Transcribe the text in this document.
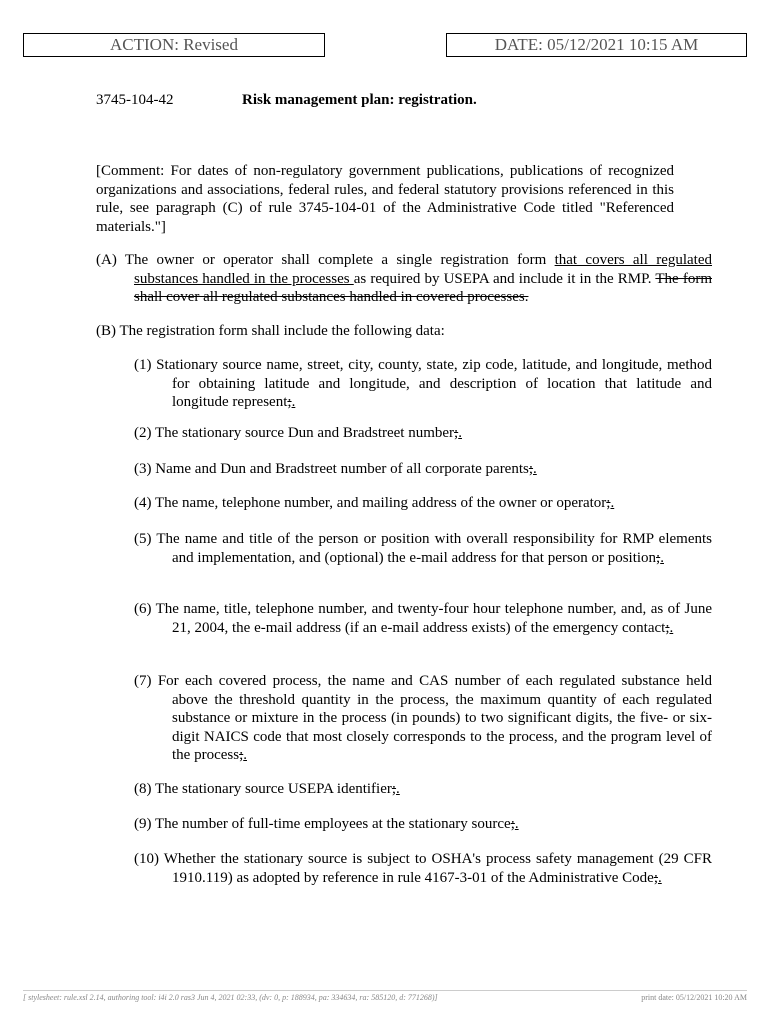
ACTION: Revised	DATE: 05/12/2021 10:15 AM
3745-104-42	Risk management plan: registration.
[Comment: For dates of non-regulatory government publications, publications of recognized organizations and associations, federal rules, and federal statutory provisions referenced in this rule, see paragraph (C) of rule 3745-104-01 of the Administrative Code titled "Referenced materials."]
(A) The owner or operator shall complete a single registration form that covers all regulated substances handled in the processes as required by USEPA and include it in the RMP. The form shall cover all regulated substances handled in covered processes.
(B) The registration form shall include the following data:
(1) Stationary source name, street, city, county, state, zip code, latitude, and longitude, method for obtaining latitude and longitude, and description of location that latitude and longitude represent;.
(2) The stationary source Dun and Bradstreet number;.
(3) Name and Dun and Bradstreet number of all corporate parents;.
(4) The name, telephone number, and mailing address of the owner or operator;.
(5) The name and title of the person or position with overall responsibility for RMP elements and implementation, and (optional) the e-mail address for that person or position;.
(6) The name, title, telephone number, and twenty-four hour telephone number, and, as of June 21, 2004, the e-mail address (if an e-mail address exists) of the emergency contact;.
(7) For each covered process, the name and CAS number of each regulated substance held above the threshold quantity in the process, the maximum quantity of each regulated substance or mixture in the process (in pounds) to two significant digits, the five- or six-digit NAICS code that most closely corresponds to the process, and the program level of the process;.
(8) The stationary source USEPA identifier;.
(9) The number of full-time employees at the stationary source;.
(10) Whether the stationary source is subject to OSHA's process safety management (29 CFR 1910.119) as adopted by reference in rule 4167-3-01 of the Administrative Code;.
[ stylesheet: rule.xsl 2.14, authoring tool: i4i 2.0 ras3 Jun 4, 2021 02:33, (dv: 0, p: 188934, pa: 334634, ra: 585120, d: 771268)]	print date: 05/12/2021 10:20 AM
